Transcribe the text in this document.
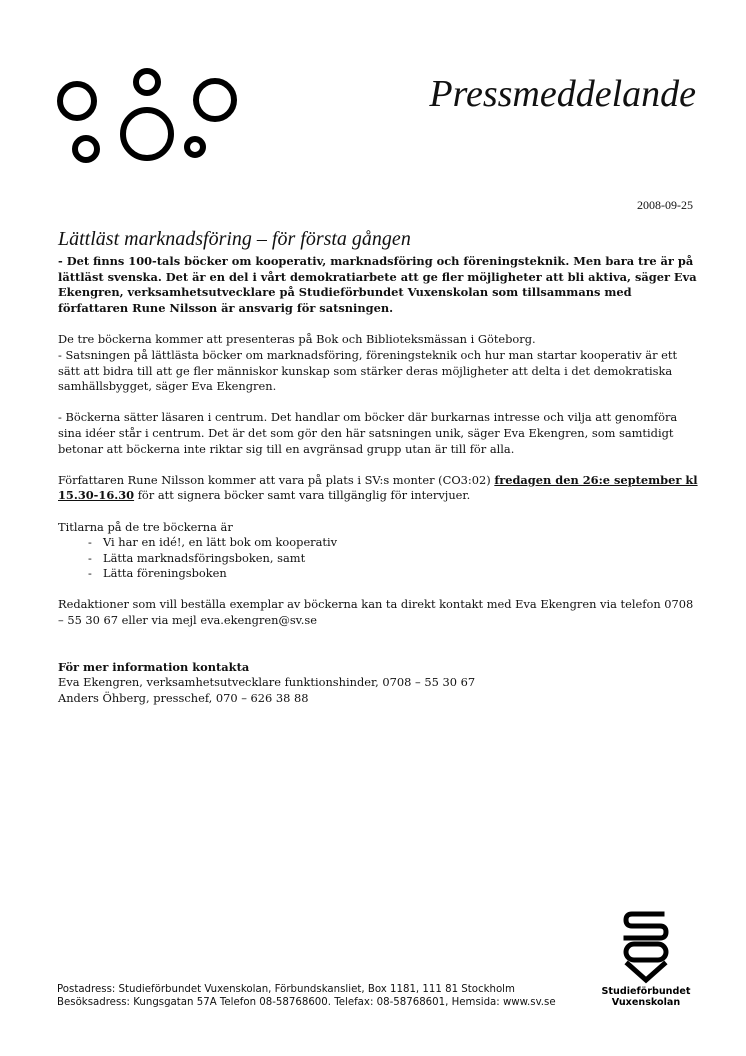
Pressmeddelande
2008-09-25
Lättläst marknadsföring – för första gången

- Det finns 100-tals böcker om kooperativ, marknadsföring och föreningsteknik. Men bara tre är på lättläst svenska. Det är en del i vårt demokratiarbete att ge fler möjligheter att bli aktiva, säger Eva Ekengren, verksamhetsutvecklare på Studieförbundet Vuxenskolan som tillsammans med författaren Rune Nilsson är ansvarig för satsningen.

De tre böckerna kommer att presenteras på Bok och Biblioteksmässan i Göteborg.

- Satsningen på lättlästa böcker om marknadsföring, föreningsteknik och hur man startar kooperativ är ett sätt att bidra till att ge fler människor kunskap som stärker deras möjligheter att delta i det demokratiska samhällsbygget, säger Eva Ekengren.

- Böckerna sätter läsaren i centrum. Det handlar om böcker där burkarnas intresse och vilja att genomföra sina idéer står i centrum. Det är det som gör den här satsningen unik, säger Eva Ekengren, som samtidigt betonar att böckerna inte riktar sig till en avgränsad grupp utan är till för alla.

Författaren Rune Nilsson kommer att vara på plats i SV:s monter (CO3:02) fredagen den 26:e september kl 15.30-16.30 för att signera böcker samt vara tillgänglig för intervjuer.

Titlarna på de tre böckerna är

- Vi har en idé!, en lätt bok om kooperativ
- Lätta marknadsföringsboken, samt
- Lätta föreningsboken

Redaktioner som vill beställa exemplar av böckerna kan ta direkt kontakt med Eva Ekengren via telefon 0708 – 55 30 67 eller via mejl eva.ekengren@sv.se

För mer information kontakta

Eva Ekengren, verksamhetsutvecklare funktionshinder, 0708 – 55 30 67

Anders Öhberg, presschef, 070 – 626 38 88

Postadress: Studieförbundet Vuxenskolan, Förbundskansliet, Box 1181, 111 81 Stockholm
Besöksadress: Kungsgatan 57A Telefon 08-58768600. Telefax: 08-58768601, Hemsida: www.sv.se
Studieförbundet
Vuxenskolan
